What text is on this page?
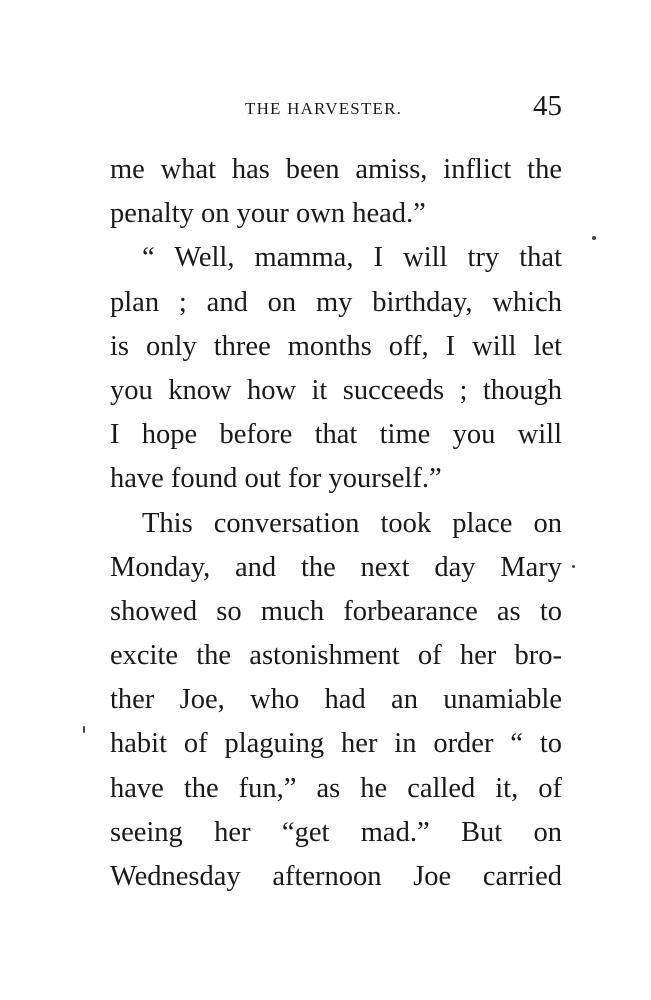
THE HARVESTER.	45
me what has been amiss, inflict the
penalty on your own head.”
“ Well, mamma, I will try that
plan ; and on my birthday, which
is only three months off, I will let
you know how it succeeds ; though
I hope before that time you will
have found out for yourself.”
This conversation took place on
Monday, and the next day Mary
showed so much forbearance as to
excite the astonishment of her bro-
ther Joe, who had an unamiable
habit of plaguing her in order “ to
have the fun,” as he called it, of
seeing her “get mad.” But on
Wednesday afternoon Joe carried
